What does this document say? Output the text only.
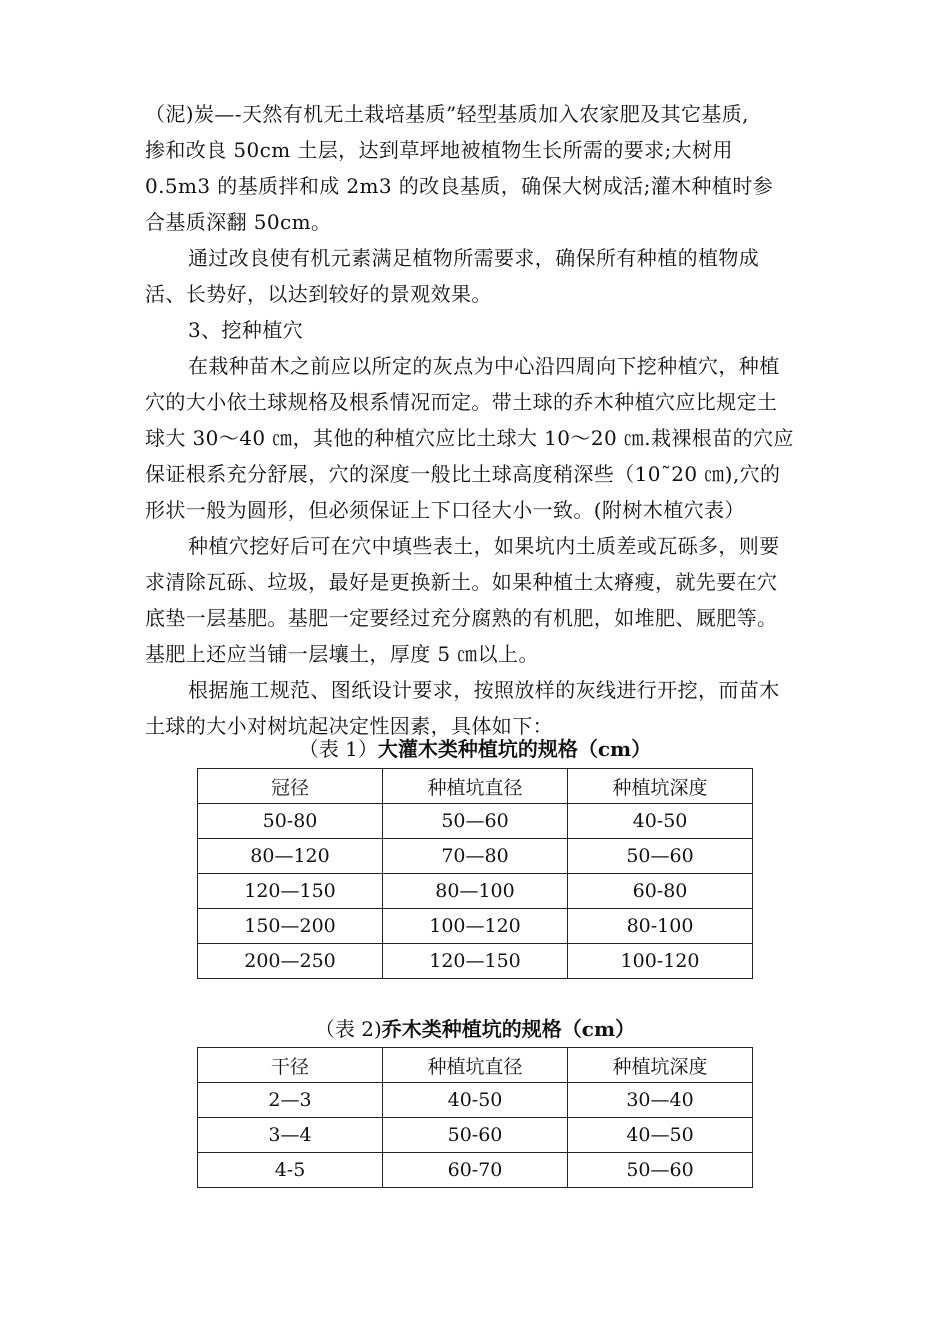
（泥)炭—-天然有机无土栽培基质”轻型基质加入农家肥及其它基质,
掺和改良 50cm 土层，达到草坪地被植物生长所需的要求;大树用
0.5m3 的基质拌和成 2m3 的改良基质，确保大树成活;灌木种植时参
合基质深翻 50cm。
通过改良使有机元素满足植物所需要求，确保所有种植的植物成
活、长势好，以达到较好的景观效果。
3、挖种植穴
在栽种苗木之前应以所定的灰点为中心沿四周向下挖种植穴，种植
穴的大小依土球规格及根系情况而定。带土球的乔木种植穴应比规定土
球大 30～40 ㎝，其他的种植穴应比土球大 10～20 ㎝.栽裸根苗的穴应
保证根系充分舒展，穴的深度一般比土球高度稍深些（10˜20 ㎝),穴的
形状一般为圆形，但必须保证上下口径大小一致。(附树木植穴表）
种植穴挖好后可在穴中填些表土，如果坑内土质差或瓦砾多，则要
求清除瓦砾、垃圾，最好是更换新土。如果种植土太瘠瘦，就先要在穴
底垫一层基肥。基肥一定要经过充分腐熟的有机肥，如堆肥、厩肥等。
基肥上还应当铺一层壤土，厚度 5 ㎝以上。
根据施工规范、图纸设计要求，按照放样的灰线进行开挖，而苗木
土球的大小对树坑起决定性因素，具体如下：
（表 1）大灌木类种植坑的规格（cm）
冠径	种植坑直径	种植坑深度
50-80	50—60	40-50
80—120	70—80	50—60
120—150	80—100	60-80
150—200	100—120	80-100
200—250	120—150	100-120
（表 2)乔木类种植坑的规格（cm）
干径	种植坑直径	种植坑深度
2—3	40-50	30—40
3—4	50-60	40—50
4-5	60-70	50—60
